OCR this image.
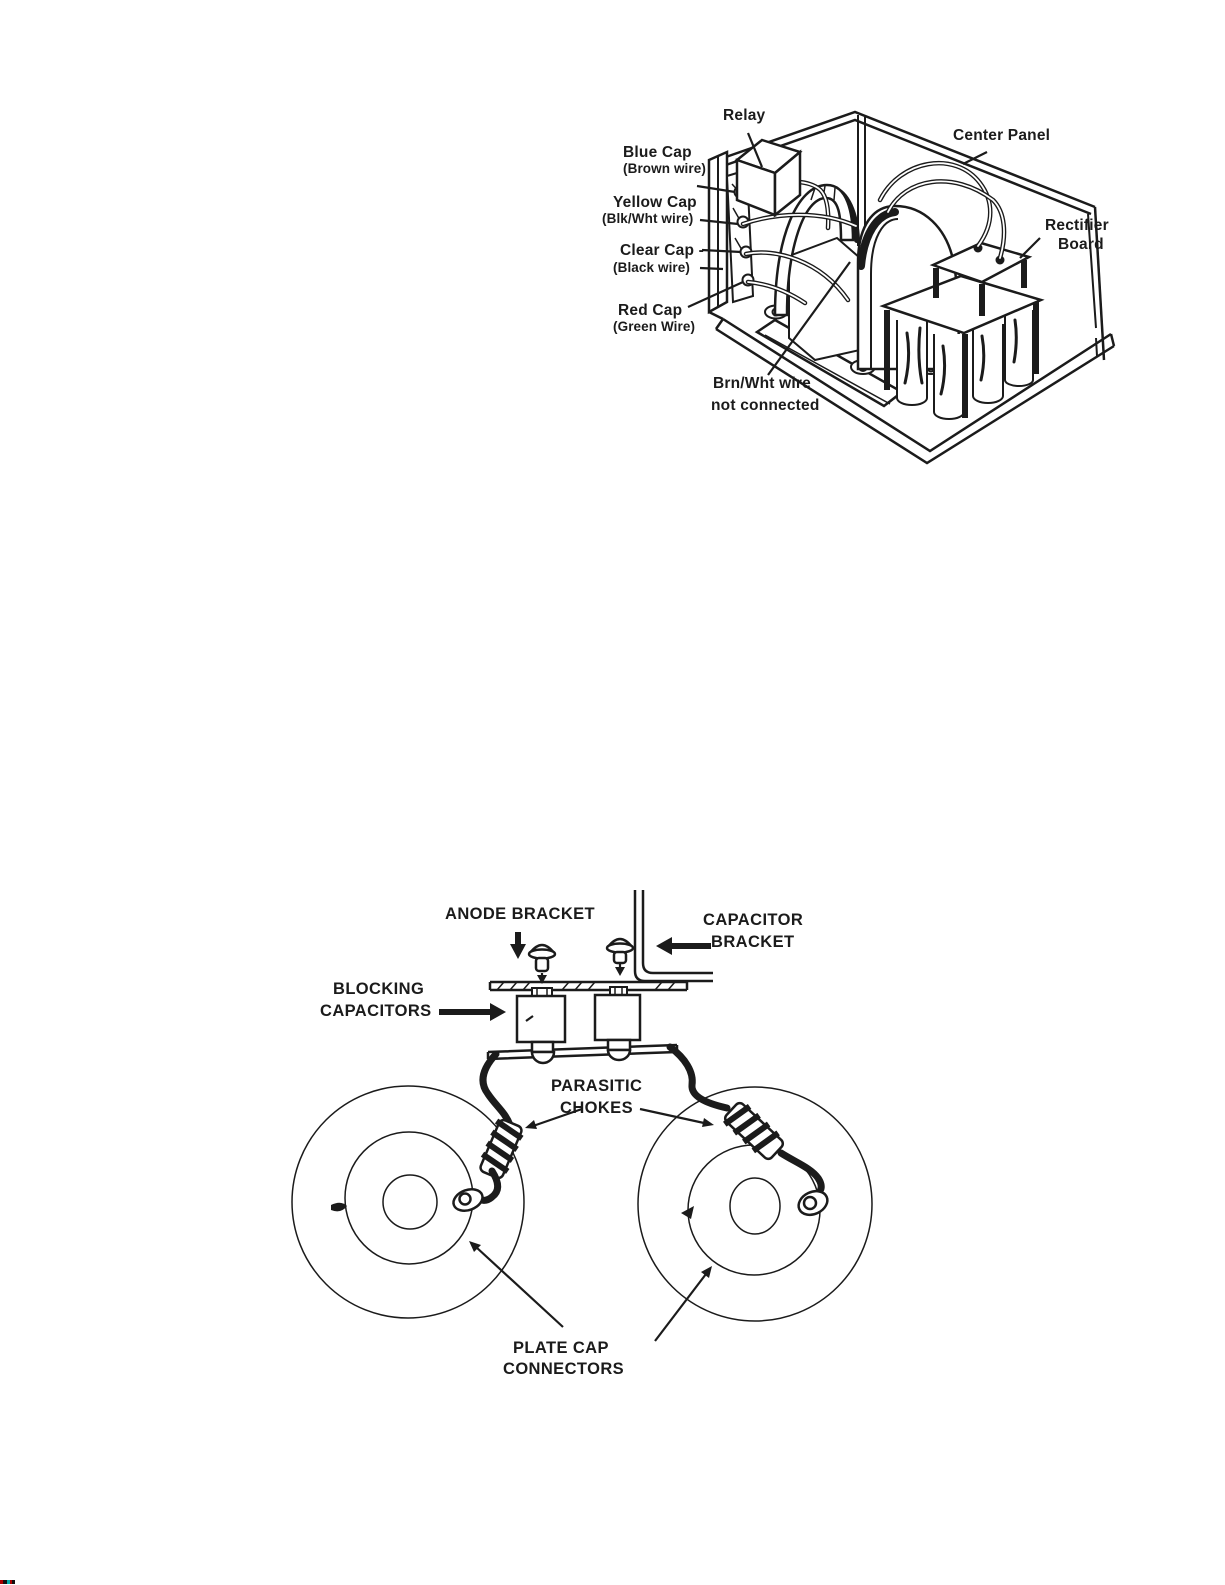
Relay
Center Panel
Blue Cap
(Brown wire)
Yellow Cap
(Blk/Wht wire)
Clear Cap -
(Black wire)
Red Cap
(Green Wire)
Rectifier
Board
Brn/Wht wire
not connected
ANODE BRACKET	CAPACITOR
BRACKET
BLOCKING
CAPACITORS
PARASITIC
CHOKES
PLATE CAP
CONNECTORS
